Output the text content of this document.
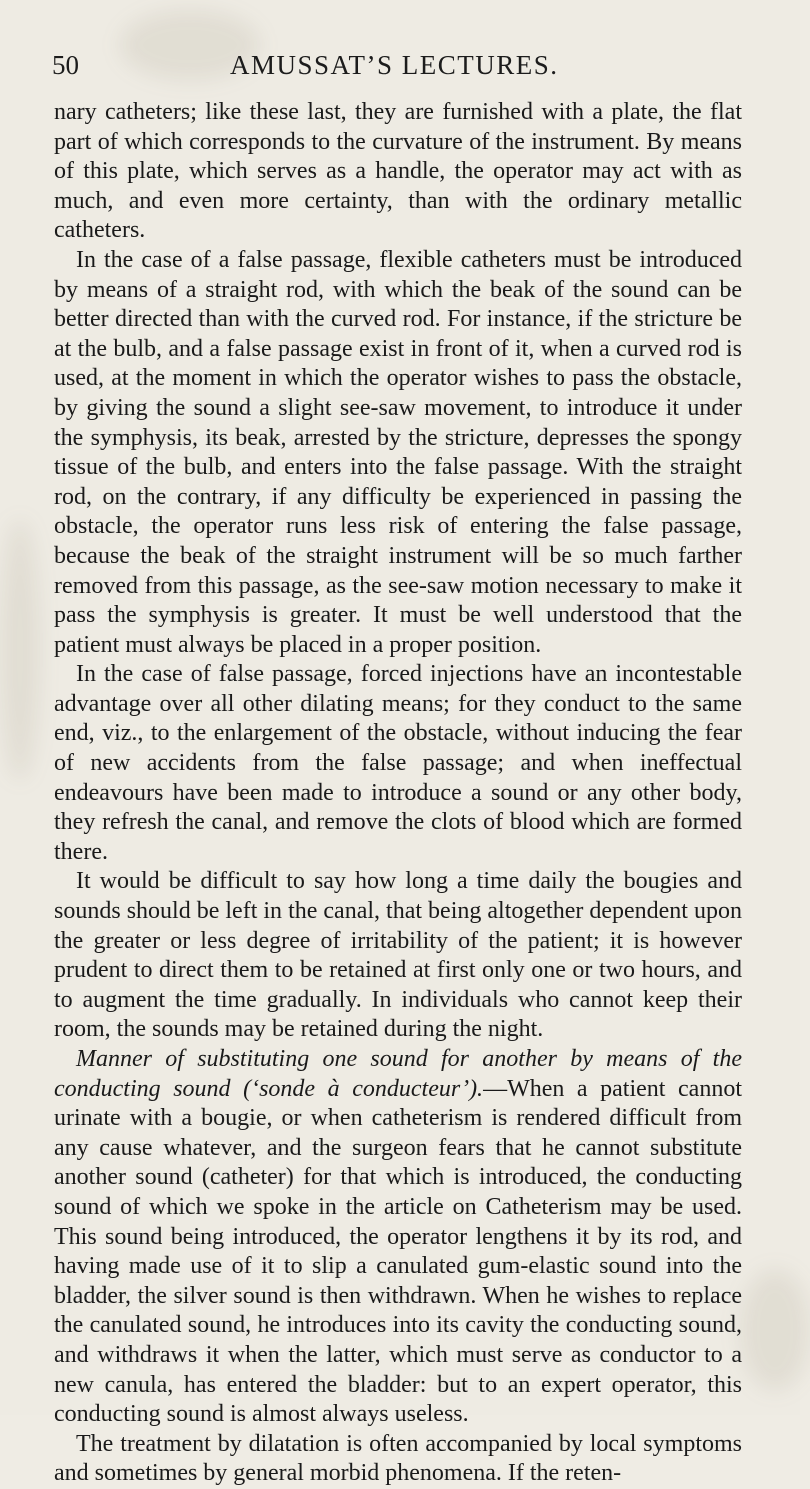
50	AMUSSAT’S LECTURES.

nary catheters; like these last, they are furnished with a plate, the flat part of which corresponds to the curvature of the instrument. By means of this plate, which serves as a handle, the operator may act with as much, and even more certainty, than with the ordinary metallic catheters.

In the case of a false passage, flexible catheters must be introduced by means of a straight rod, with which the beak of the sound can be better directed than with the curved rod. For instance, if the stricture be at the bulb, and a false passage exist in front of it, when a curved rod is used, at the moment in which the operator wishes to pass the obstacle, by giving the sound a slight see-saw movement, to introduce it under the symphysis, its beak, arrested by the stricture, depresses the spongy tissue of the bulb, and enters into the false passage. With the straight rod, on the contrary, if any difficulty be experienced in passing the obstacle, the operator runs less risk of entering the false passage, because the beak of the straight instrument will be so much farther removed from this passage, as the see-saw motion necessary to make it pass the symphysis is greater. It must be well understood that the patient must always be placed in a proper position.

In the case of false passage, forced injections have an incontestable advantage over all other dilating means; for they conduct to the same end, viz., to the enlargement of the obstacle, without inducing the fear of new accidents from the false passage; and when ineffectual endeavours have been made to introduce a sound or any other body, they refresh the canal, and remove the clots of blood which are formed there.

It would be difficult to say how long a time daily the bougies and sounds should be left in the canal, that being altogether dependent upon the greater or less degree of irritability of the patient; it is however prudent to direct them to be retained at first only one or two hours, and to augment the time gradually. In individuals who cannot keep their room, the sounds may be retained during the night.

Manner of substituting one sound for another by means of the conducting sound (‘sonde à conducteur’).—When a patient cannot urinate with a bougie, or when catheterism is rendered difficult from any cause whatever, and the surgeon fears that he cannot substitute another sound (catheter) for that which is introduced, the conducting sound of which we spoke in the article on Catheterism may be used. This sound being introduced, the operator lengthens it by its rod, and having made use of it to slip a canulated gum-elastic sound into the bladder, the silver sound is then withdrawn. When he wishes to replace the canulated sound, he introduces into its cavity the conducting sound, and withdraws it when the latter, which must serve as conductor to a new canula, has entered the bladder: but to an expert operator, this conducting sound is almost always useless.

The treatment by dilatation is often accompanied by local symptoms and sometimes by general morbid phenomena. If the reten-
